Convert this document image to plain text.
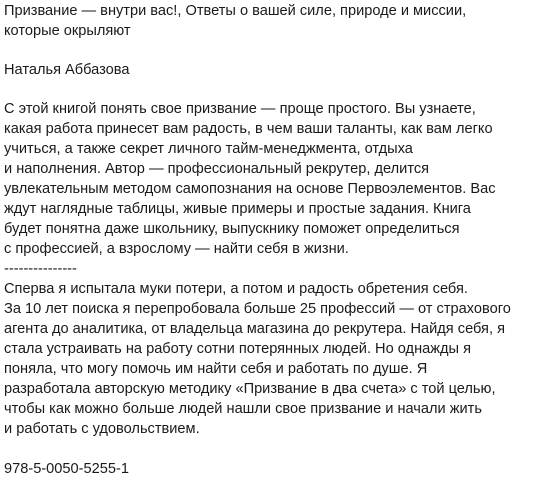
Призвание — внутри вас!, Ответы о вашей силе, природе и миссии,
которые окрыляют
Наталья Аббазова
С этой книгой понять свое призвание — проще простого. Вы узнаете,
какая работа принесет вам радость, в чем ваши таланты, как вам легко
учиться, а также секрет личного тайм-менеджмента, отдыха
и наполнения. Автор — профессиональный рекрутер, делится
увлекательным методом самопознания на основе Первоэлементов. Вас
ждут наглядные таблицы, живые примеры и простые задания. Книга
будет понятна даже школьнику, выпускнику поможет определиться
с профессией, а взрослому — найти себя в жизни.
---------------
Сперва я испытала муки потери, а потом и радость обретения себя.
За 10 лет поиска я перепробовала больше 25 профессий — от страхового
агента до аналитика, от владельца магазина до рекрутера. Найдя себя, я
стала устраивать на работу сотни потерянных людей. Но однажды я
поняла, что могу помочь им найти себя и работать по душе. Я
разработала авторскую методику «Призвание в два счета» с той целью,
чтобы как можно больше людей нашли свое призвание и начали жить
и работать с удовольствием.
978-5-0050-5255-1
